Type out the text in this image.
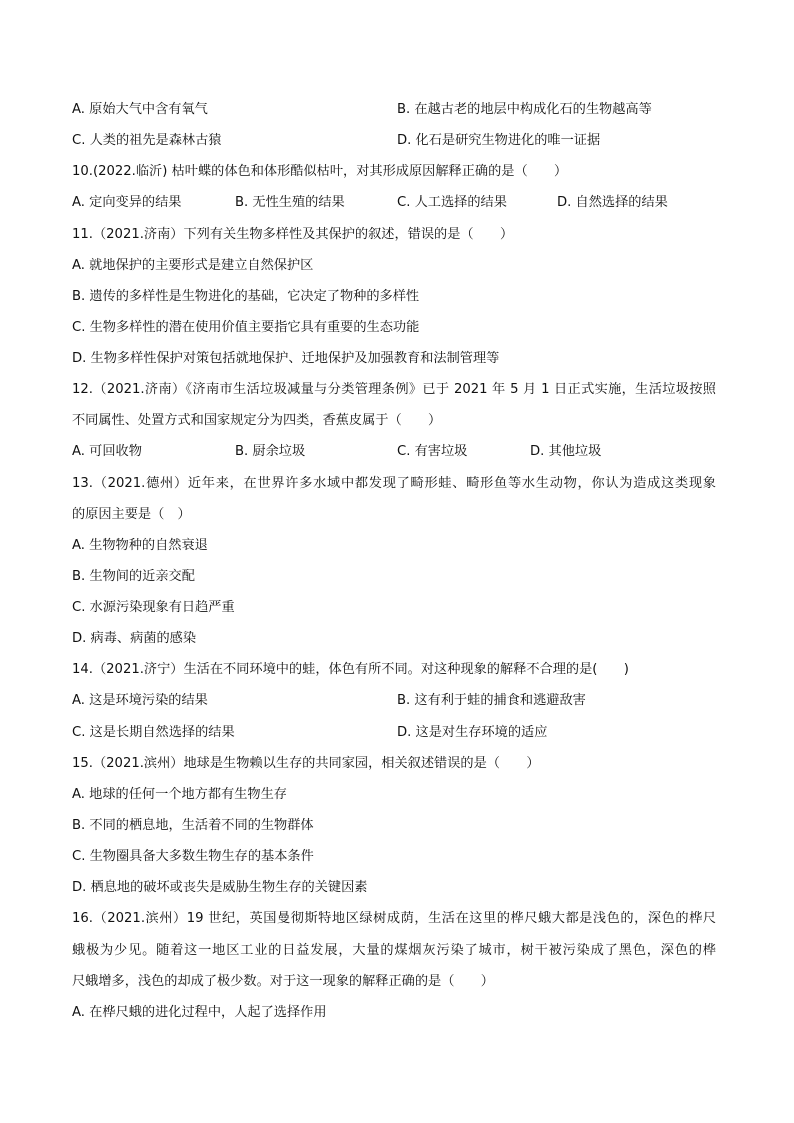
A. 原始大气中含有氧气	B. 在越古老的地层中构成化石的生物越高等
C. 人类的祖先是森林古猿	D. 化石是研究生物进化的唯一证据
10.(2022.临沂) 枯叶蝶的体色和体形酷似枯叶，对其形成原因解释正确的是（　　）
A. 定向变异的结果	B. 无性生殖的结果	C. 人工选择的结果	D. 自然选择的结果
11.（2021.济南）下列有关生物多样性及其保护的叙述，错误的是（　　）
A. 就地保护的主要形式是建立自然保护区
B. 遗传的多样性是生物进化的基础，它决定了物种的多样性
C. 生物多样性的潜在使用价值主要指它具有重要的生态功能
D. 生物多样性保护对策包括就地保护、迁地保护及加强教育和法制管理等
12.（2021.济南）《济南市生活垃圾减量与分类管理条例》已于 2021 年 5 月 1 日正式实施，生活垃圾按照
不同属性、处置方式和国家规定分为四类，香蕉皮属于（　　）
A. 可回收物	B. 厨余垃圾	C. 有害垃圾	D. 其他垃圾
13.（2021.德州）近年来，在世界许多水域中都发现了畸形蛙、畸形鱼等水生动物，你认为造成这类现象
的原因主要是（　）
A. 生物物种的自然衰退
B. 生物间的近亲交配
C. 水源污染现象有日趋严重
D. 病毒、病菌的感染
14.（2021.济宁）生活在不同环境中的蛙，体色有所不同。对这种现象的解释不合理的是(　　)
A. 这是环境污染的结果	B. 这有利于蛙的捕食和逃避敌害
C. 这是长期自然选择的结果	D. 这是对生存环境的适应
15.（2021.滨州）地球是生物赖以生存的共同家园，相关叙述错误的是（　　）
A. 地球的任何一个地方都有生物生存
B. 不同的栖息地，生活着不同的生物群体
C. 生物圈具备大多数生物生存的基本条件
D. 栖息地的破坏或丧失是威胁生物生存的关键因素
16.（2021.滨州）19 世纪，英国曼彻斯特地区绿树成荫，生活在这里的桦尺蛾大都是浅色的，深色的桦尺
蛾极为少见。随着这一地区工业的日益发展，大量的煤烟灰污染了城市，树干被污染成了黑色，深色的桦
尺蛾增多，浅色的却成了极少数。对于这一现象的解释正确的是（　　）
A. 在桦尺蛾的进化过程中，人起了选择作用
